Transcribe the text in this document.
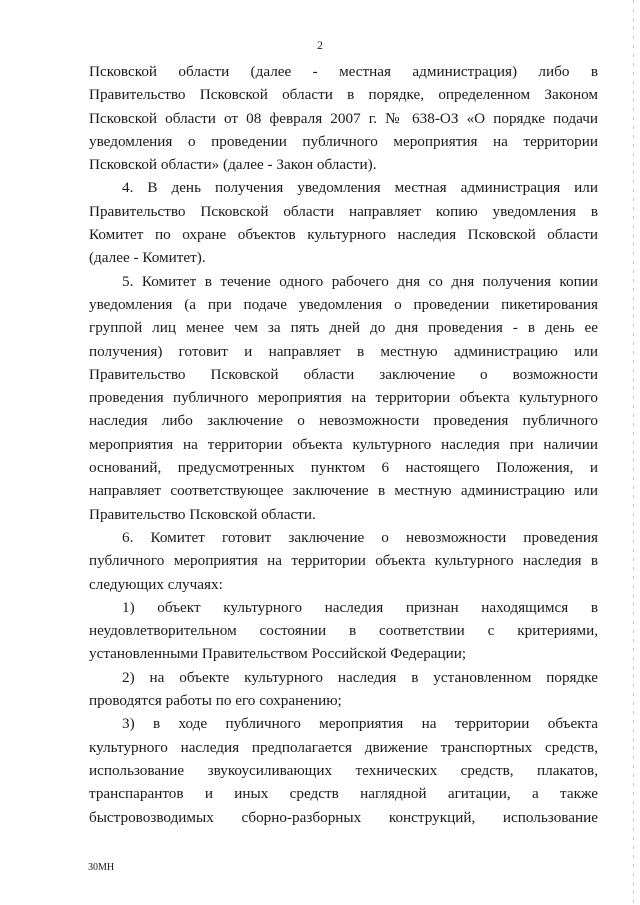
2
Псковской области (далее - местная администрация) либо в
Правительство Псковской области в порядке, определенном Законом
Псковской области от 08 февраля 2007 г. № 638-ОЗ «О порядке подачи
уведомления о проведении публичного мероприятия на территории
Псковской области» (далее - Закон области).
4. В день получения уведомления местная администрация или
Правительство Псковской области направляет копию уведомления в
Комитет по охране объектов культурного наследия Псковской области
(далее - Комитет).
5. Комитет в течение одного рабочего дня со дня получения копии
уведомления (а при подаче уведомления о проведении пикетирования
группой лиц менее чем за пять дней до дня проведения - в день ее
получения) готовит и направляет в местную администрацию или
Правительство Псковской области заключение о возможности
проведения публичного мероприятия на территории объекта культурного
наследия либо заключение о невозможности проведения публичного
мероприятия на территории объекта культурного наследия при наличии
оснований, предусмотренных пунктом 6 настоящего Положения, и
направляет соответствующее заключение в местную администрацию или
Правительство Псковской области.
6. Комитет готовит заключение о невозможности проведения
публичного мероприятия на территории объекта культурного наследия в
следующих случаях:
1) объект культурного наследия признан находящимся в
неудовлетворительном состоянии в соответствии с критериями,
установленными Правительством Российской Федерации;
2) на объекте культурного наследия в установленном порядке
проводятся работы по его сохранению;
3) в ходе публичного мероприятия на территории объекта
культурного наследия предполагается движение транспортных средств,
использование звукоусиливающих технических средств, плакатов,
транспарантов и иных средств наглядной агитации, а также
быстровозводимых сборно-разборных конструкций, использование
30МН
